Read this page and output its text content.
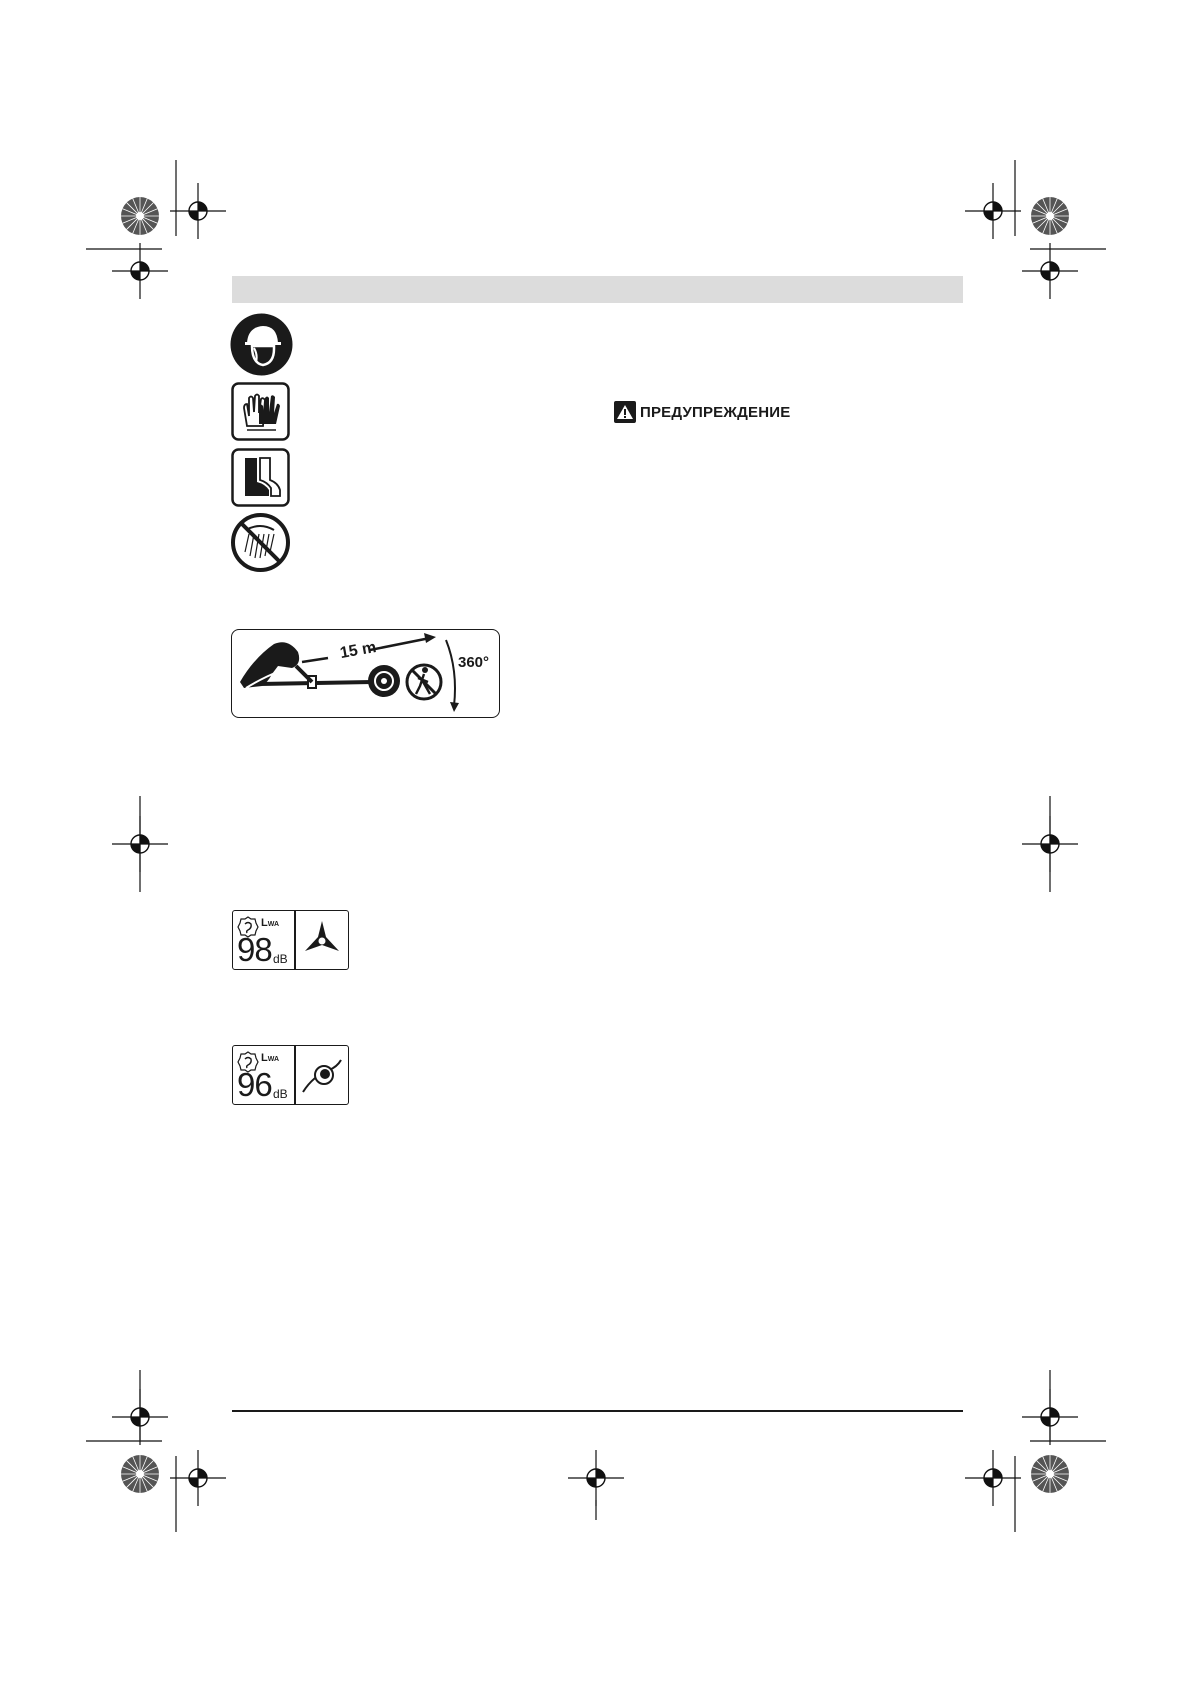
ПРЕДУПРЕЖДЕНИЕ
15 m
360°
LWA
98 dB
LWA
96 dB
